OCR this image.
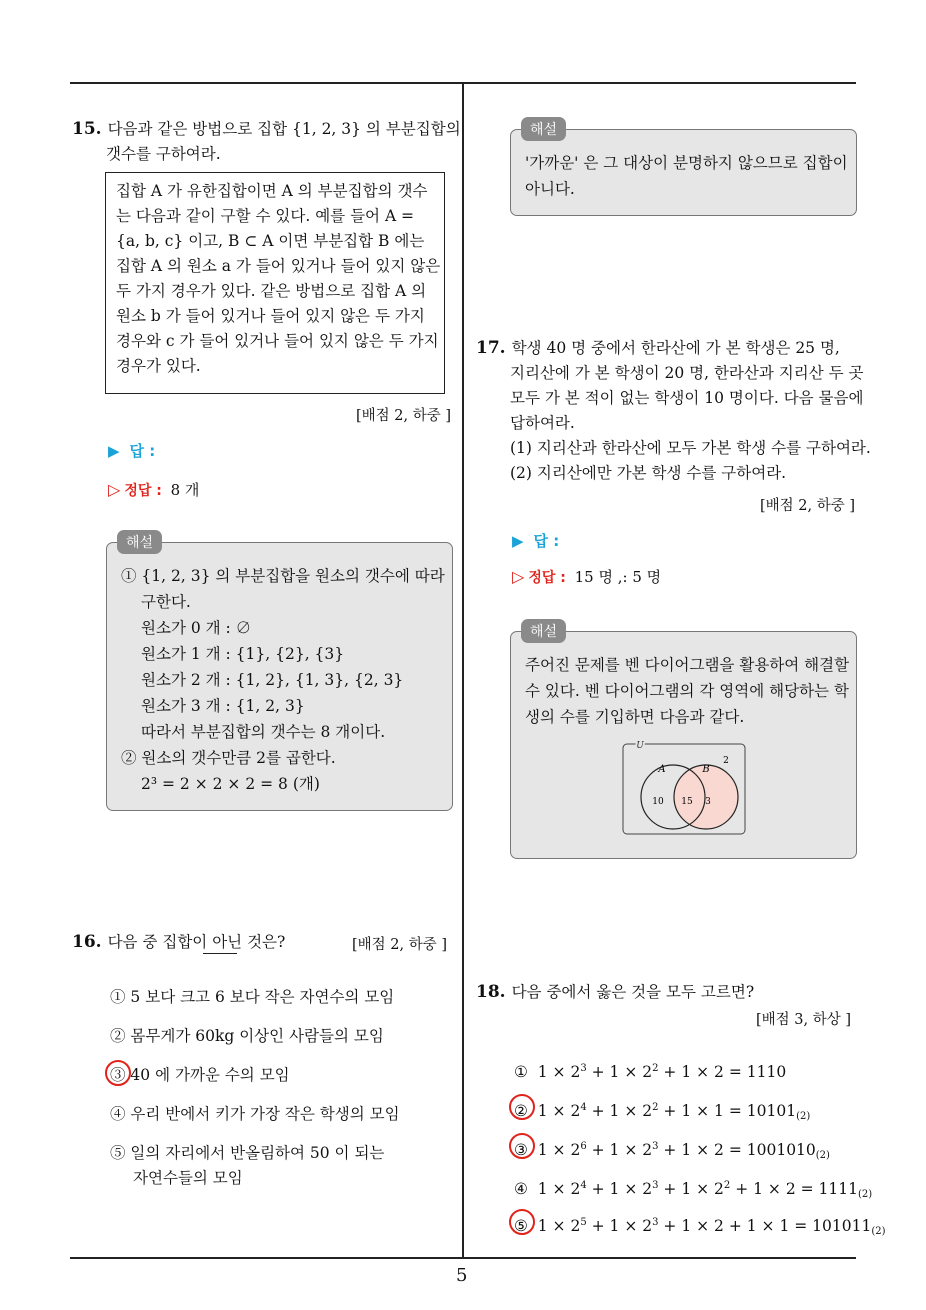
15. 다음과 같은 방법으로 집합 {1, 2, 3} 의 부분집합의
갯수를 구하여라.
집합 A 가 유한집합이면 A 의 부분집합의 갯수
는 다음과 같이 구할 수 있다. 예를 들어 A =
{a, b, c} 이고, B ⊂ A 이면 부분집합 B 에는
집합 A 의 원소 a 가 들어 있거나 들어 있지 않은
두 가지 경우가 있다. 같은 방법으로 집합 A 의
원소 b 가 들어 있거나 들어 있지 않은 두 가지
경우와 c 가 들어 있거나 들어 있지 않은 두 가지
경우가 있다.
[배점 2, 하중 ]
▶ 답 :
▷ 정답 : 8 개
해설
① {1, 2, 3} 의 부분집합을 원소의 갯수에 따라
구한다.
원소가 0 개 : ∅
원소가 1 개 : {1}, {2}, {3}
원소가 2 개 : {1, 2}, {1, 3}, {2, 3}
원소가 3 개 : {1, 2, 3}
따라서 부분집합의 갯수는 8 개이다.
② 원소의 갯수만큼 2를 곱한다.
2³ = 2 × 2 × 2 = 8 (개)
16. 다음 중 집합이 아닌 것은?	[배점 2, 하중 ]
① 5 보다 크고 6 보다 작은 자연수의 모임
② 몸무게가 60kg 이상인 사람들의 모임
③ 40 에 가까운 수의 모임
④ 우리 반에서 키가 가장 작은 학생의 모임
⑤ 일의 자리에서 반올림하여 50 이 되는
자연수들의 모임
해설
'가까운' 은 그 대상이 분명하지 않으므로 집합이
아니다.
17. 학생 40 명 중에서 한라산에 가 본 학생은 25 명,
지리산에 가 본 학생이 20 명, 한라산과 지리산 두 곳
모두 가 본 적이 없는 학생이 10 명이다. 다음 물음에
답하여라.
(1) 지리산과 한라산에 모두 가본 학생 수를 구하여라.
(2) 지리산에만 가본 학생 수를 구하여라.
[배점 2, 하중 ]
▶ 답 :
▷ 정답 : 15 명 ,: 5 명
해설
주어진 문제를 벤 다이어그램을 활용하여 해결할
수 있다. 벤 다이어그램의 각 영역에 해당하는 학
생의 수를 기입하면 다음과 같다.
U
A	B
2
10 15 3
18. 다음 중에서 옳은 것을 모두 고르면?
[배점 3, 하상 ]
① $1 \times 2^3 + 1 \times 2^2 + 1 \times 2 = 1110$
② $1 \times 2^4 + 1 \times 2^2 + 1 \times 1 = 10101_{(2)}$
③ $1 \times 2^6 + 1 \times 2^3 + 1 \times 2 = 1001010_{(2)}$
④ $1 \times 2^4 + 1 \times 2^3 + 1 \times 2^2 + 1 \times 2 = 1111_{(2)}$
⑤ $1 \times 2^5 + 1 \times 2^3 + 1 \times 2 + 1 \times 1 = 101011_{(2)}$
5
